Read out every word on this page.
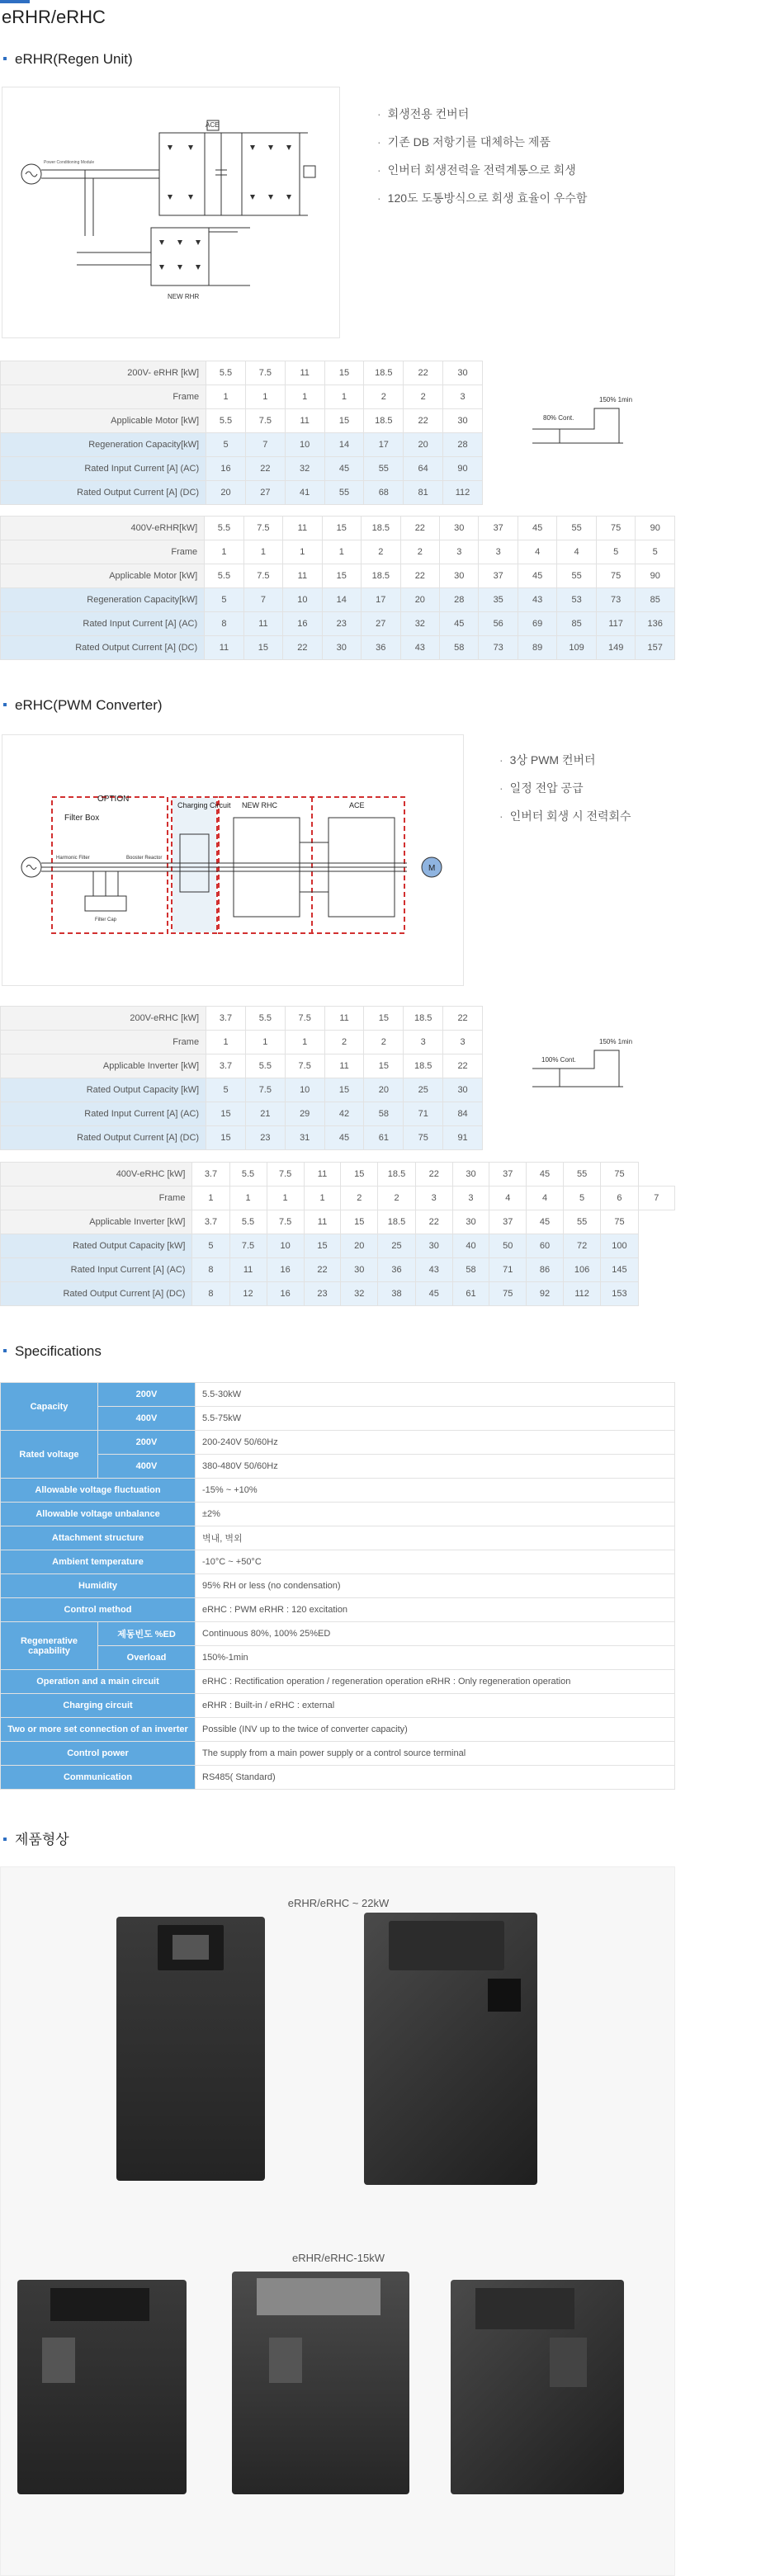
eRHR/eRHC
eRHR(Regen Unit)
ACE
NEW RHR
Power Conditioning Module
· 회생전용 컨버터
· 기존 DB 저항기를 대체하는 제품
· 인버터 회생전력을 전력계통으로 회생
· 120도 도통방식으로 회생 효율이 우수함
200V- eRHR [kW]	5.5	7.5	11	15	18.5	22	30
Frame	1	1	1	1	2	2	3
Applicable Motor [kW]	5.5	7.5	11	15	18.5	22	30
Regeneration Capacity[kW]	5	7	10	14	17	20	28
Rated Input Current [A] (AC)	16	22	32	45	55	64	90
Rated Output Current [A] (DC)	20	27	41	55	68	81	112
80% Cont.
150% 1min
400V-eRHR[kW]	5.5	7.5	11	15	18.5	22	30	37	45	55	75	90
Frame	1	1	1	1	2	2	3	3	4	4	5	5
Applicable Motor [kW]	5.5	7.5	11	15	18.5	22	30	37	45	55	75	90
Regeneration Capacity[kW]	5	7	10	14	17	20	28	35	43	53	73	85
Rated Input Current [A] (AC)	8	11	16	23	27	32	45	56	69	85	117	136
Rated Output Current [A] (DC)	11	15	22	30	36	43	58	73	89	109	149	157
eRHC(PWM Converter)
M
OPTION
Filter Box
Charging Circuit NEW RHC	ACE
Harmonic Filter	Booster Reactor
Filter Cap
· 3상 PWM 컨버터
· 일정 전압 공급
· 인버터 회생 시 전력회수
200V-eRHC [kW]	3.7	5.5	7.5	11	15	18.5	22
Frame	1	1	1	2	2	3	3
Applicable Inverter [kW]	3.7	5.5	7.5	11	15	18.5	22
Rated Output Capacity [kW]	5	7.5	10	15	20	25	30
Rated Input Current [A] (AC)	15	21	29	42	58	71	84
Rated Output Current [A] (DC)	15	23	31	45	61	75	91
100% Cont.
150% 1min
400V-eRHC [kW]	3.7	5.5	7.5	11	15	18.5	22	30	37	45	55	75	
Frame	1	1	1	1	2	2	3	3	4	4	5	6	7
Applicable Inverter [kW]	3.7	5.5	7.5	11	15	18.5	22	30	37	45	55	75	
Rated Output Capacity [kW]	5	7.5	10	15	20	25	30	40	50	60	72	100	
Rated Input Current [A] (AC)	8	11	16	22	30	36	43	58	71	86	106	145	
Rated Output Current [A] (DC)	8	12	16	23	32	38	45	61	75	92	112	153	
Specifications
Capacity	200V	5.5-30kW
	400V	5.5-75kW
Rated voltage	200V	200-240V 50/60Hz
	400V	380-480V 50/60Hz
Allowable voltage fluctuation		-15% ~ +10%
Allowable voltage unbalance		±2%
Attachment structure		벽내, 벽외
Ambient temperature		-10°C ~ +50°C
Humidity		95% RH or less (no condensation)
Control method		eRHC : PWM eRHR : 120 excitation
Regenerative capability	제동빈도 %ED	Continuous 80%, 100% 25%ED
	Overload	150%-1min
Operation and a main circuit		eRHC : Rectification operation / regeneration operation eRHR : Only regeneration operation
Charging circuit		eRHR : Built-in / eRHC : external
Two or more set connection of an inverter		Possible (INV up to the twice of converter capacity)
Control power		The supply from a main power supply or a control source terminal
Communication		RS485( Standard)
제품형상
eRHR/eRHC ~ 22kW
eRHR/eRHC-15kW
